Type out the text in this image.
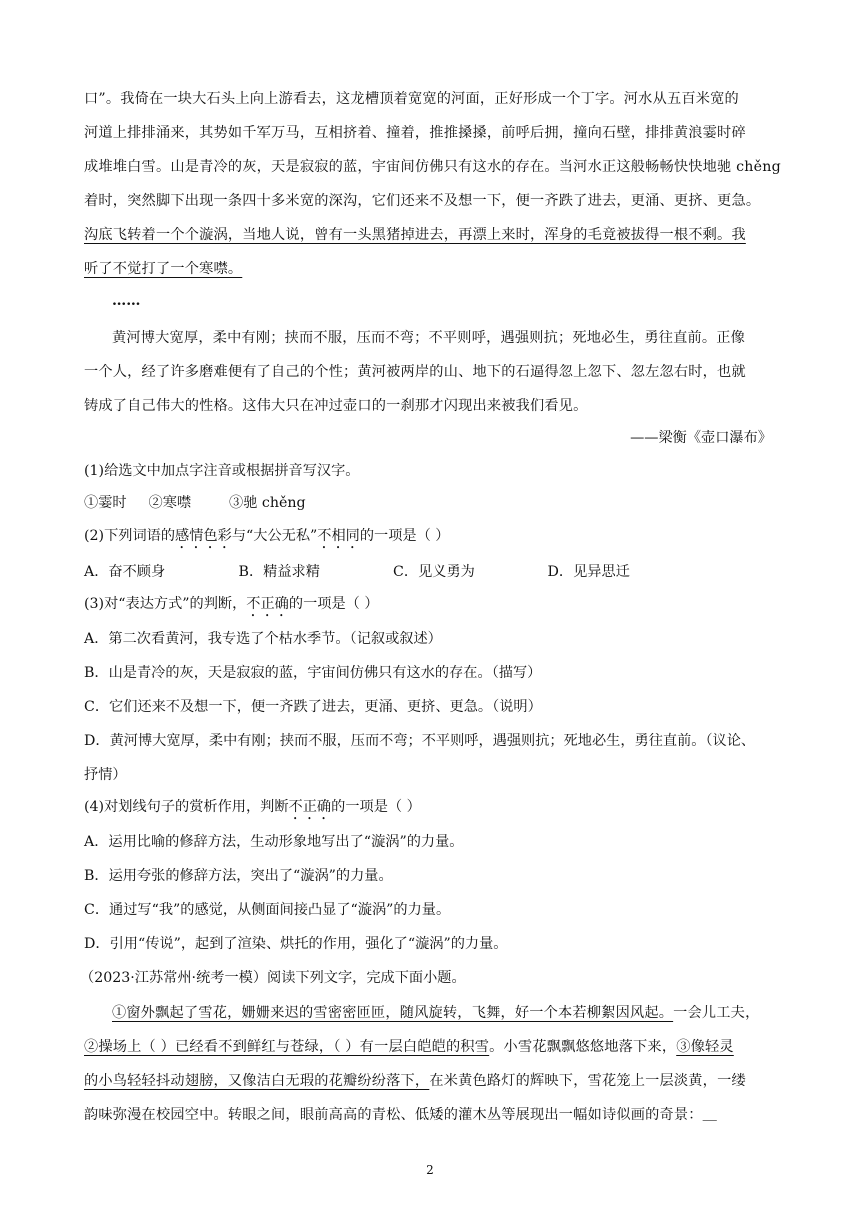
口”。我倚在一块大石头上向上游看去，这龙槽顶着宽宽的河面，正好形成一个丁字。河水从五百米宽的
河道上排排涌来，其势如千军万马，互相挤着、撞着，推推搡搡，前呼后拥，撞向石壁，排排黄浪霎时碎
成堆堆白雪。山是青冷的灰，天是寂寂的蓝，宇宙间仿佛只有这水的存在。当河水正这般畅畅快快地驰 chěng
着时，突然脚下出现一条四十多米宽的深沟，它们还来不及想一下，便一齐跌了进去，更涌、更挤、更急。
沟底飞转着一个个漩涡，当地人说，曾有一头黑猪掉进去，再漂上来时，浑身的毛竟被拔得一根不剩。我
听了不觉打了一个寒噤。
……
黄河博大宽厚，柔中有刚；挟而不服，压而不弯；不平则呼，遇强则抗；死地必生，勇往直前。正像
一个人，经了许多磨难便有了自己的个性；黄河被两岸的山、地下的石逼得忽上忽下、忽左忽右时，也就
铸成了自己伟大的性格。这伟大只在冲过壶口的一刹那才闪现出来被我们看见。
——梁衡《壶口瀑布》
(1)给选文中加点字注音或根据拼音写汉字。
①霎时 ②寒噤	③驰 chěng
(2)下列词语的感情色彩与“大公无私”不相同的一项是（ ）
A．奋不顾身	B．精益求精	C．见义勇为	D．见异思迁
(3)对“表达方式”的判断，不正确的一项是（ ）
A．第二次看黄河，我专选了个枯水季节。（记叙或叙述）
B．山是青冷的灰，天是寂寂的蓝，宇宙间仿佛只有这水的存在。（描写）
C．它们还来不及想一下，便一齐跌了进去，更涌、更挤、更急。（说明）
D．黄河博大宽厚，柔中有刚；挟而不服，压而不弯；不平则呼，遇强则抗；死地必生，勇往直前。（议论、
抒情）
(4)对划线句子的赏析作用，判断不正确的一项是（ ）
A．运用比喻的修辞方法，生动形象地写出了“漩涡”的力量。
B．运用夸张的修辞方法，突出了“漩涡”的力量。
C．通过写“我”的感觉，从侧面间接凸显了“漩涡”的力量。
D．引用“传说”，起到了渲染、烘托的作用，强化了“漩涡”的力量。
（2023·江苏常州·统考一模）阅读下列文字，完成下面小题。
①窗外飘起了雪花，姗姗来迟的雪密密匝匝，随风旋转，飞舞，好一个本若柳絮因风起。一会儿工夫，
②操场上（ ）已经看不到鲜红与苍绿，（ ）有一层白皑皑的积雪。小雪花飘飘悠悠地落下来，③像轻灵
的小鸟轻轻抖动翅膀，又像洁白无瑕的花瓣纷纷落下，在米黄色路灯的辉映下，雪花笼上一层淡黄，一缕
韵味弥漫在校园空中。转眼之间，眼前高高的青松、低矮的灌木丛等展现出一幅如诗似画的奇景：＿
2
